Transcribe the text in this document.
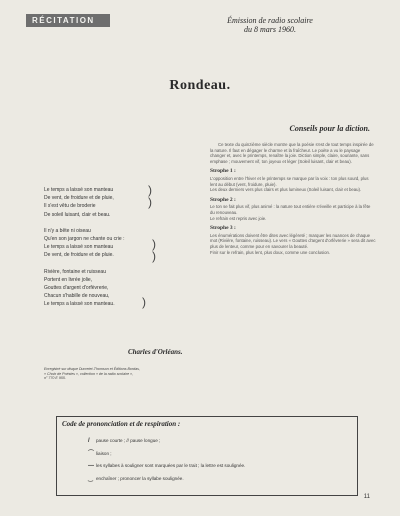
RÉCITATION	Émission de radio scolaire
du 8 mars 1960.
Rondeau.
Conseils pour la diction.

Ce texte du quinzième siècle montre que la poésie s'est de tout temps inspirée de la nature. Il faut en dégager le charme et la fraîcheur. Le poète a vu le paysage changer et, avec le printemps, renaître la joie. Diction simple, claire, souriante, sans emphase ; mouvement vif, ton joyeux et léger (Soleil luisant, clair et beau).

Strophe 1 :

L'opposition entre l'hiver et le printemps se marque par la voix : ton plus sourd, plus lent au début (vent, froidure, pluie).

Les deux derniers vers plus clairs et plus lumineux (Soleil luisant, clair et beau).

Strophe 2 :

Le ton se fait plus vif, plus animé : la nature tout entière s'éveille et participe à la fête du renouveau.

Le refrain est repris avec joie.

Strophe 3 :

Les énumérations doivent être dites avec légèreté ; marquer les nuances de chaque mot (Rivière, fontaine, ruisseau). Le vers « Gouttes d'argent d'orfèvrerie » sera dit avec plus de lenteur, comme pour en savourer la beauté.

Finir sur le refrain, plus lent, plus doux, comme une conclusion.

Le temps a laissé son manteau
De vent, de froidure et de pluie,
Il s'est vêtu de broderie
De soleil luisant, clair et beau.
Il n'y a bête ni oiseau
Qu'en son jargon ne chante ou crie :
Le temps a laissé son manteau
De vent, de froidure et de pluie.
Rivière, fontaine et ruisseau
Portent en livrée jolie,
Gouttes d'argent d'orfèvrerie,
Chacun s'habille de nouveau,
Le temps a laissé son manteau.
)
)
)
)
)
Charles d'Orléans.
Enregistré sur disque Ducretet-Thomson et Éditions Bordas,
« Choix de Poésies », collection « de la radio scolaire »,
n° 770 E 955.
Code de prononciation et de respiration :
/ pause courte ; // pause longue ;
⌒ liaison ;
— les syllabes à souligner sont marquées par le trait ; la lettre est soulignée.
‿ enchaîner ; prononcer la syllabe soulignée.
11
